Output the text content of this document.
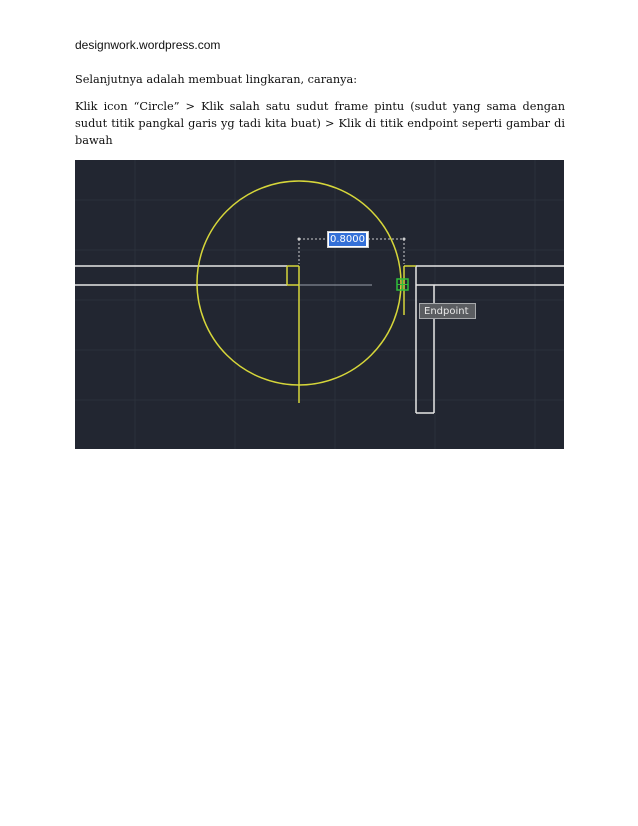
designwork.wordpress.com
Selanjutnya adalah membuat lingkaran, caranya:
Klik icon “Circle” > Klik salah satu sudut frame pintu (sudut yang sama dengan sudut titik pangkal garis yg tadi kita buat) > Klik di titik endpoint seperti gambar di bawah
0.8000
Endpoint
